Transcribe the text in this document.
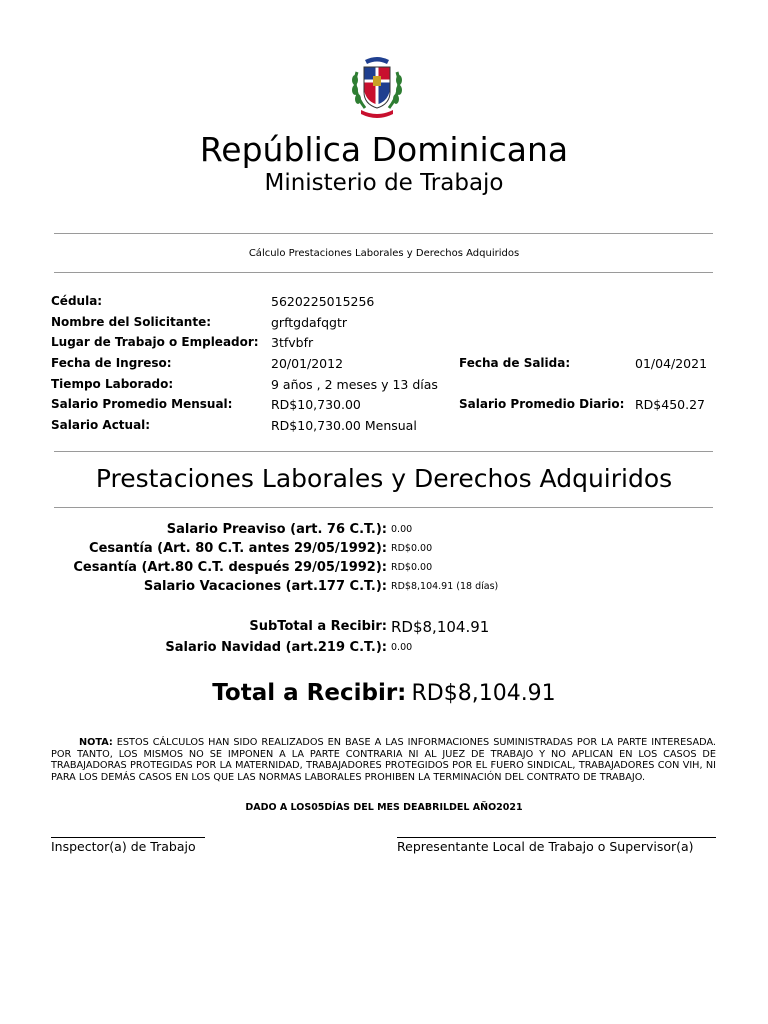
República Dominicana
Ministerio de Trabajo
Cálculo Prestaciones Laborales y Derechos Adquiridos
Cédula:	5620225015256
Nombre del Solicitante:	grftgdafqgtr
Lugar de Trabajo o Empleador: 3tfvbfr
Fecha de Ingreso:	20/01/2012	Fecha de Salida:	01/04/2021
Tiempo Laborado:	9 años , 2 meses y 13 días
Salario Promedio Mensual:	RD$10,730.00	Salario Promedio Diario: RD$450.27
Salario Actual:	RD$10,730.00 Mensual
Prestaciones Laborales y Derechos Adquiridos
Salario Preaviso (art. 76 C.T.): 0.00
Cesantía (Art. 80 C.T. antes 29/05/1992): RD$0.00
Cesantía (Art.80 C.T. después 29/05/1992): RD$0.00
Salario Vacaciones (art.177 C.T.): RD$8,104.91 (18 días)
SubTotal a Recibir: RD$8,104.91
Salario Navidad (art.219 C.T.): 0.00
Total a Recibir: RD$8,104.91
NOTA: ESTOS CÁLCULOS HAN SIDO REALIZADOS EN BASE A LAS INFORMACIONES SUMINISTRADAS POR LA PARTE INTERESADA. POR TANTO, LOS MISMOS NO SE IMPONEN A LA PARTE CONTRARIA NI AL JUEZ DE TRABAJO Y NO APLICAN EN LOS CASOS DE TRABAJADORAS PROTEGIDAS POR LA MATERNIDAD, TRABAJADORES PROTEGIDOS POR EL FUERO SINDICAL, TRABAJADORES CON VIH, NI PARA LOS DEMÁS CASOS EN LOS QUE LAS NORMAS LABORALES PROHIBEN LA TERMINACIÓN DEL CONTRATO DE TRABAJO.
DADO A LOS05DÍAS DEL MES DEABRILDEL AÑO2021
Inspector(a) de Trabajo	Representante Local de Trabajo o Supervisor(a)
